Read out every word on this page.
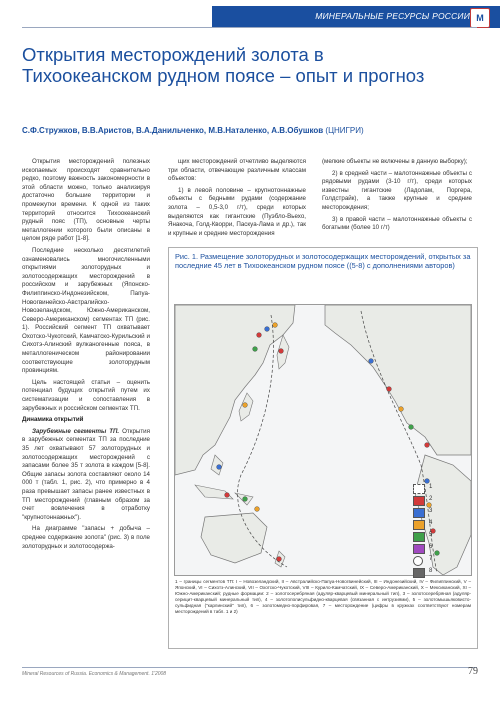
МИНЕРАЛЬНЫЕ РЕСУРСЫ РОССИИ М
Открытия месторождений золота в Тихоокеанском рудном поясе – опыт и прогноз
С.Ф.Стружков, В.В.Аристов, В.А.Данильченко, М.В.Наталенко, А.В.Обушков (ЦНИГРИ)

Открытия месторождений полезных ископаемых происходят сравнительно редко, поэтому важность закономерности в этой области можно, только анализируя достаточно большие территории и промежутки времени. К одной из таких территорий относится Тихоокеанский рудный пояс (ТП), основные черты металлогении которого были описаны в целом ряде работ [1-8].

Последние несколько десятилетий ознаменовались многочисленными открытиями золоторудных и золотосодержащих месторождений в российском и зарубежных (Японско-Филиппинско-Индонезийском, Папуа-Новогвинейско-Австралийско-Новозеландском, Южно-Американском, Северо-Американском) сегментах ТП (рис. 1). Российский сегмент ТП охватывает Охотско-Чукотский, Камчатско-Курильский и Сихотэ-Алинский вулканогенные пояса, в металлогеническом районировании соответствующие золоторудным провинциям.

Цель настоящей статьи – оценить потенциал будущих открытий путем их систематизации и сопоставления в зарубежных и российском сегментах ТП.

Динамика открытий

Зарубежные сегменты ТП. Открытия в зарубежных сегментах ТП за последние 35 лет охватывают 57 золоторудных и золотосодержащих месторождений с запасами более 35 т золота в каждом [5-8]. Общие запасы золота составляют около 14 000 т (табл. 1, рис. 2), что примерно в 4 раза превышает запасы ранее известных в ТП месторождений (главным образом за счет вовлечения в отработку "крупнотоннажных").

На диаграмме "запасы + добыча – среднее содержание золота" (рис. 3) в поле золоторудных и золотосодержа-

щих месторождений отчетливо выделяются три области, отвечающие различным классам объектов:

1) в левой половине – крупнотоннажные объекты с бедными рудами (содержание золота – 0,5-3,0 г/т), среди которых выделяются как гигантские (Пуэбло-Вьехо, Янакоча, Голд-Кворри, Паскуа-Лама и др.), так и крупные и средние месторождения

(мелкие объекты не включены в данную выборку);

2) в средней части – малотоннажные объекты с рядовыми рудами (3-10 г/т), среди которых известны гигантские (Ладолам, Поргера, Голдстрайк), а также крупные и средние месторождения;

3) в правой части – малотоннажные объекты с богатыми (более 10 г/т)

Рис. 1. Размещение золоторудных и золотосодержащих месторождений, открытых за последние 45 лет в Тихоокеанском рудном поясе ((5-8) с дополнениями авторов)
1
2
3
4
5
6
7
8
1 – границы сегментов ТП: I – Новозеландский, II – Австралийско-Папуа-Новогвинейский, III – Индонезийский, IV – Филиппинский, V – Японский, VI – Сихотэ-Алинский, VII – Охотско-Чукотский, VIII – Курило-Камчатский, IX – Северо-Американский, X – Мексиканский, XI – Южно-Американский; рудные формации: 2 – золотосеребряная (адуляр-кварцевый минеральный тип), 3 – золотосеребряная (адуляр-серицит-кварцевый минеральный тип), 4 – золотополисульфидно-кварцевая (связанная с интрузиями), 5 – золотомышьяковисто-сульфидная ("карлинский" тип), 6 – золотомедно-порфировая, 7 – месторождение (цифры в кружках соответствуют номерам месторождений в табл. 1 и 2)
Mineral Resources of Russia. Economics & Management. 1'2008	79
